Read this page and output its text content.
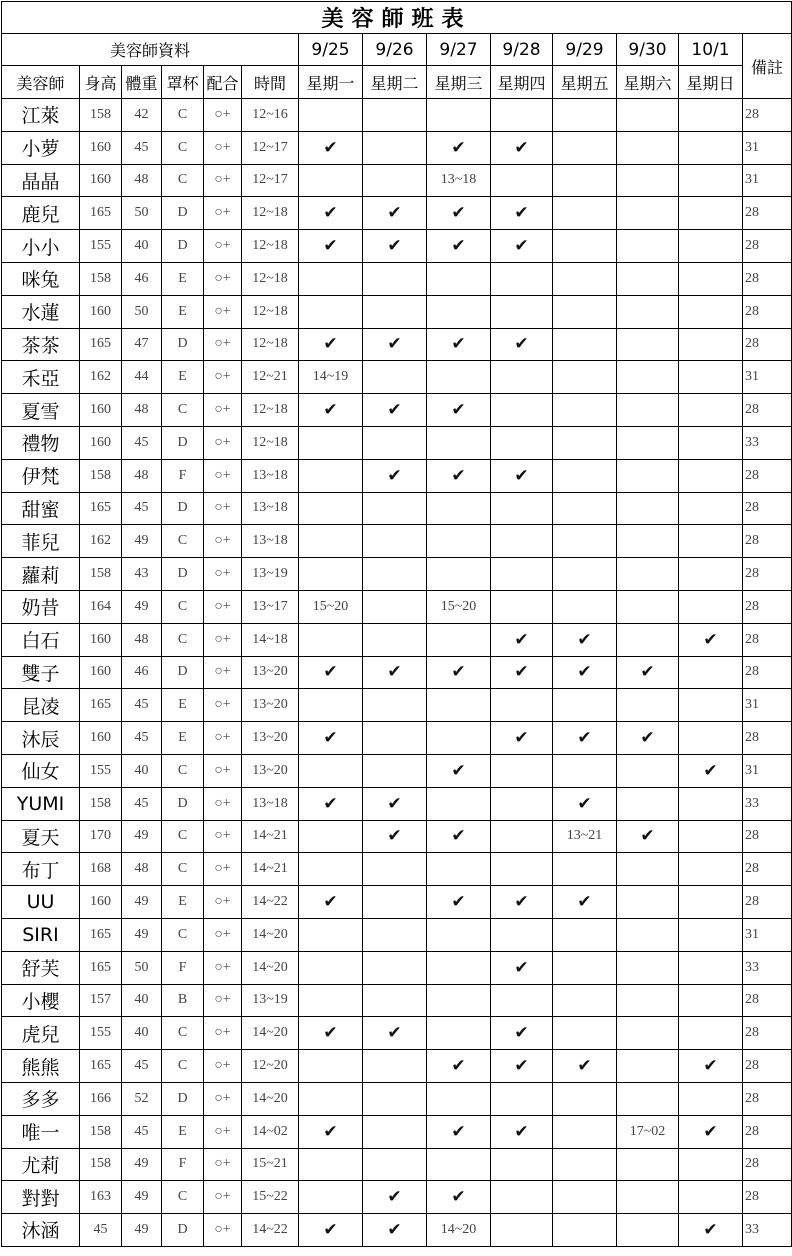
美容師班表													
美容師資料						9/25	9/26	9/27	9/28	9/29	9/30	10/1	備註
美容師	身高	體重	罩杯	配合	時間	星期一	星期二	星期三	星期四	星期五	星期六	星期日	
江萊	158	42	C	○+	12~16								28
小萝	160	45	C	○+	12~17	✔		✔	✔				31
晶晶	160	48	C	○+	12~17			13~18					31
鹿兒	165	50	D	○+	12~18	✔	✔	✔	✔				28
小小	155	40	D	○+	12~18	✔	✔	✔	✔				28
咪兔	158	46	E	○+	12~18								28
水蓮	160	50	E	○+	12~18								28
茶茶	165	47	D	○+	12~18	✔	✔	✔	✔				28
禾亞	162	44	E	○+	12~21	14~19							31
夏雪	160	48	C	○+	12~18	✔	✔	✔					28
禮物	160	45	D	○+	12~18								33
伊梵	158	48	F	○+	13~18		✔	✔	✔				28
甜蜜	165	45	D	○+	13~18								28
菲兒	162	49	C	○+	13~18								28
蘿莉	158	43	D	○+	13~19								28
奶昔	164	49	C	○+	13~17	15~20		15~20					28
白石	160	48	C	○+	14~18				✔	✔		✔	28
雙子	160	46	D	○+	13~20	✔	✔	✔	✔	✔	✔		28
昆凌	165	45	E	○+	13~20								31
沐辰	160	45	E	○+	13~20	✔			✔	✔	✔		28
仙女	155	40	C	○+	13~20			✔				✔	31
YUMI	158	45	D	○+	13~18	✔	✔			✔			33
夏天	170	49	C	○+	14~21		✔	✔		13~21	✔		28
布丁	168	48	C	○+	14~21								28
UU	160	49	E	○+	14~22	✔		✔	✔	✔			28
SIRI	165	49	C	○+	14~20								31
舒芙	165	50	F	○+	14~20				✔				33
小櫻	157	40	B	○+	13~19								28
虎兒	155	40	C	○+	14~20	✔	✔		✔				28
熊熊	165	45	C	○+	12~20			✔	✔	✔		✔	28
多多	166	52	D	○+	14~20								28
唯一	158	45	E	○+	14~02	✔		✔	✔		17~02	✔	28
尤莉	158	49	F	○+	15~21								28
對對	163	49	C	○+	15~22		✔	✔					28
沐涵	45	49	D	○+	14~22	✔	✔	14~20				✔	33
